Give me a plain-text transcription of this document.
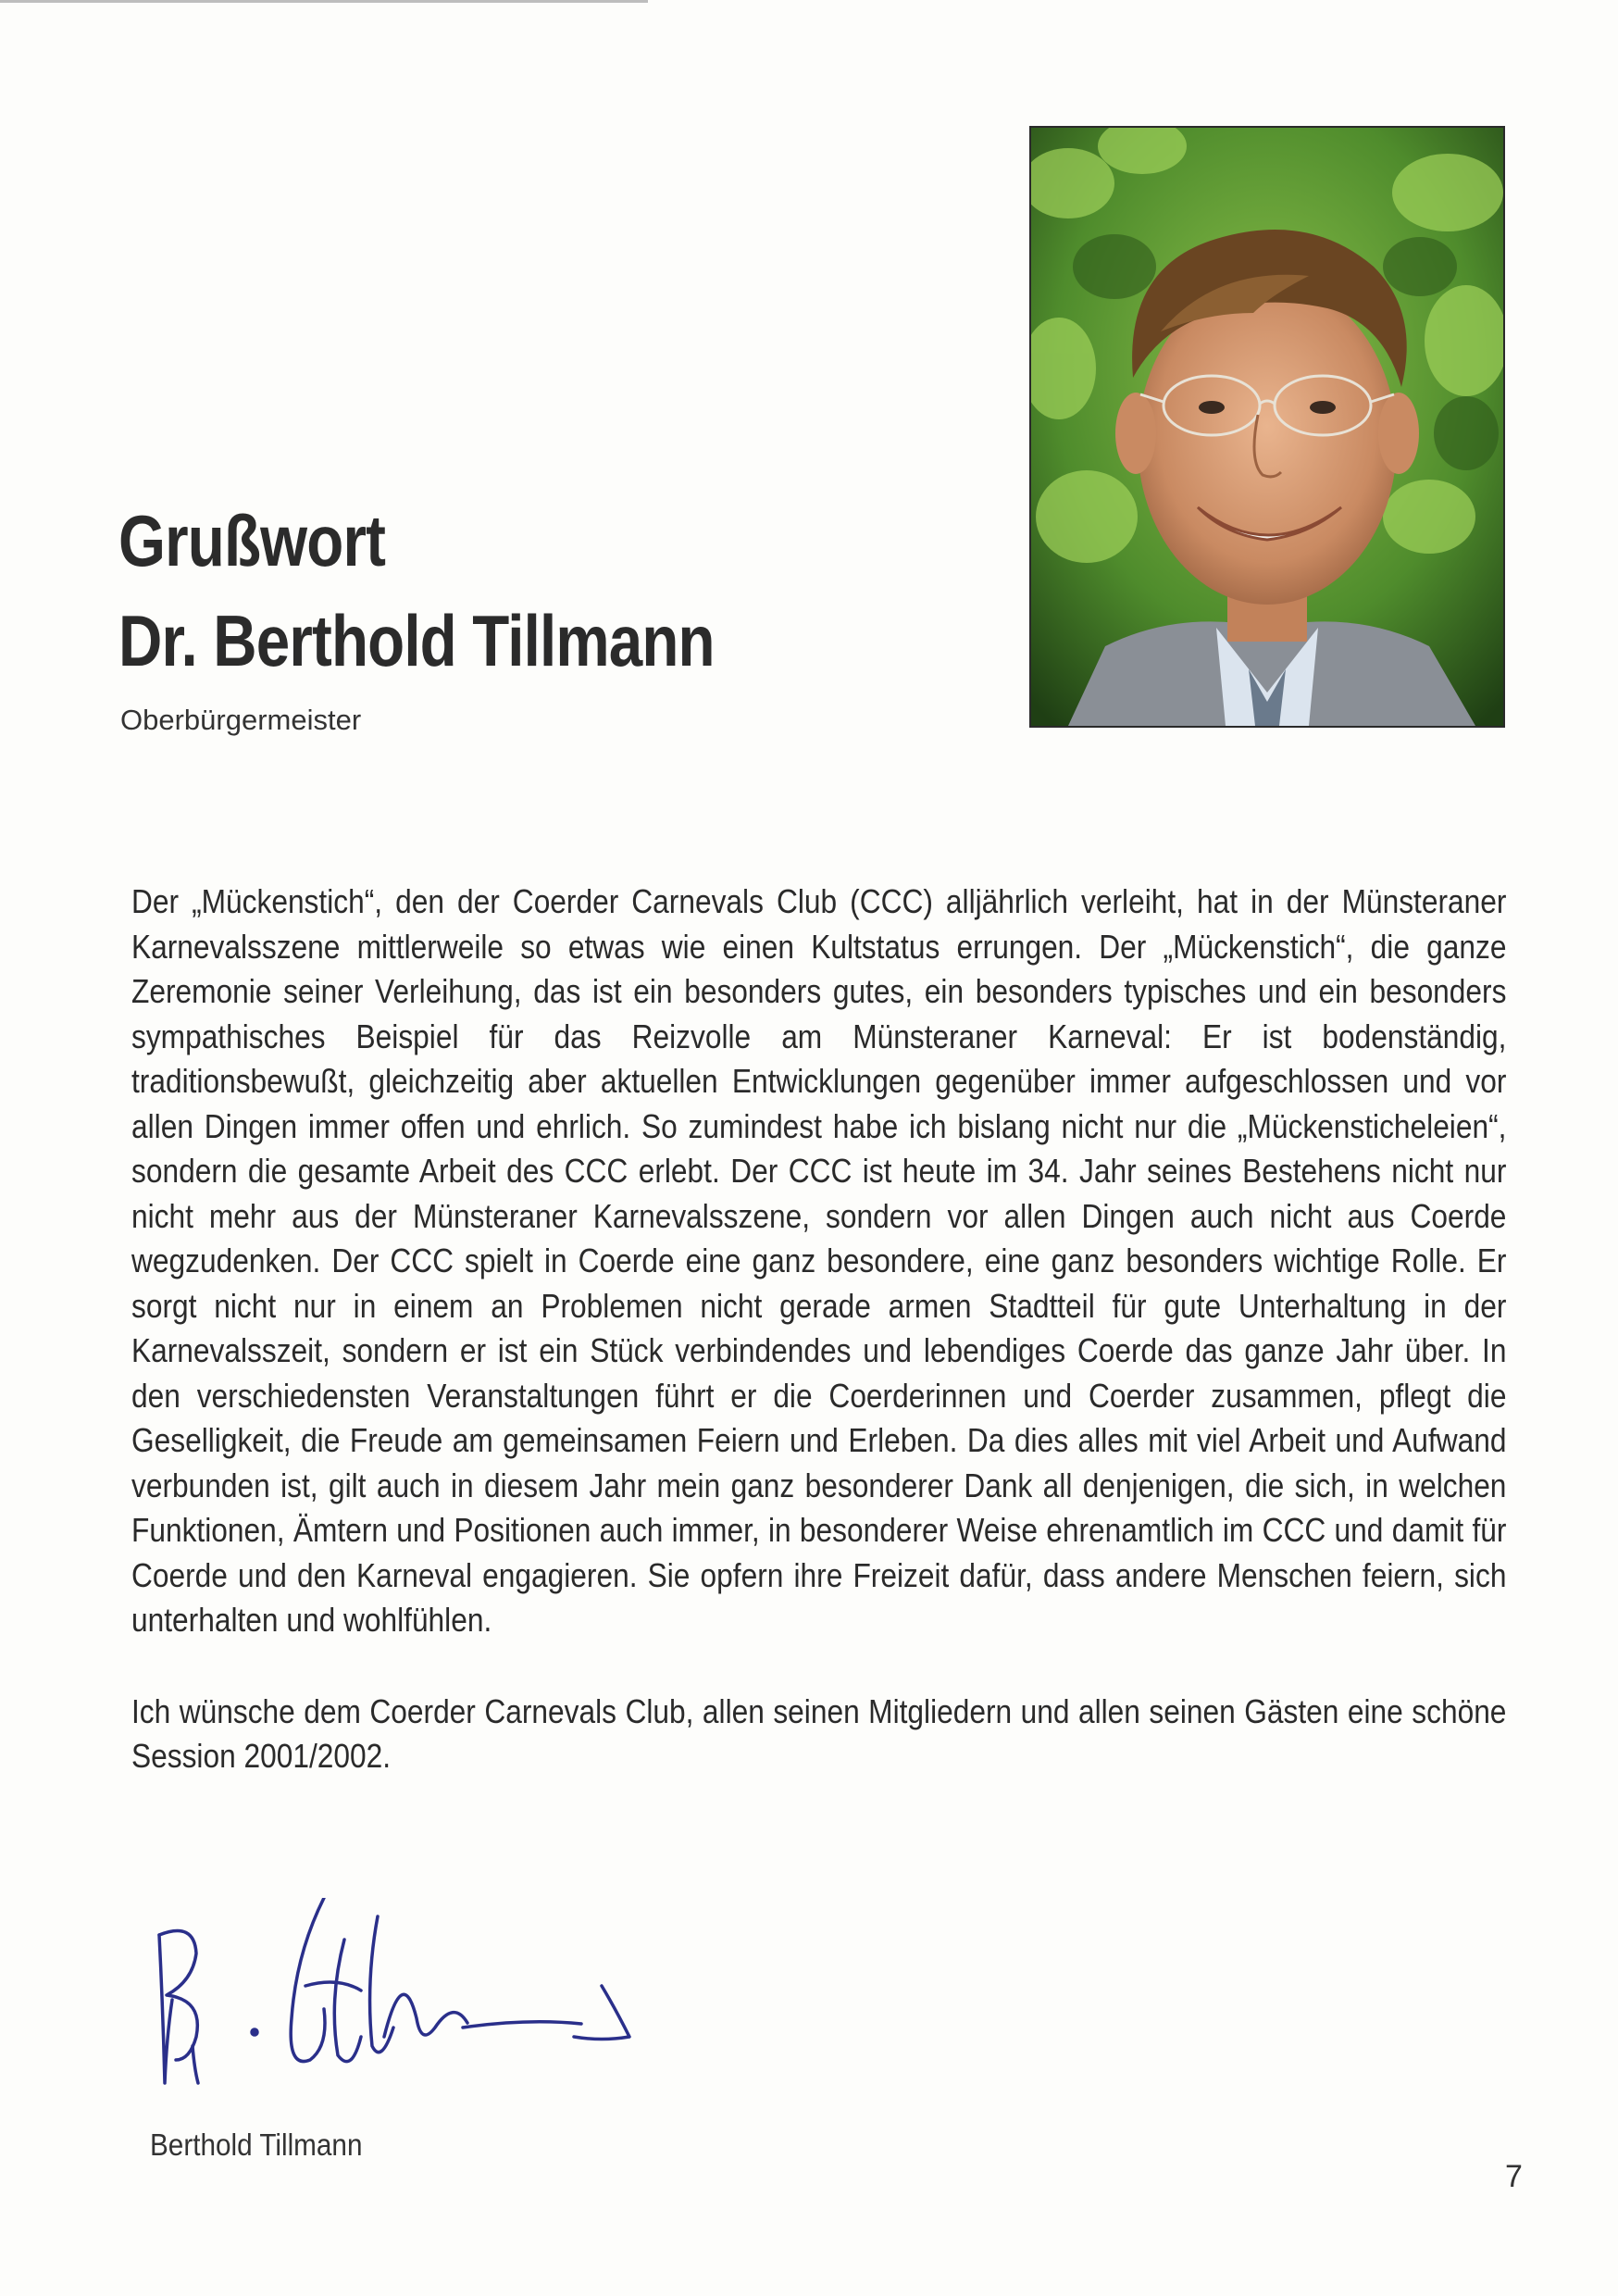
Grußwort
Dr. Berthold Tillmann
Oberbürgermeister

Der „Mückenstich“, den der Coerder Carnevals Club (CCC) alljährlich verleiht, hat in der Münsteraner Karnevalsszene mittlerweile so etwas wie einen Kultstatus errungen. Der „Mückenstich“, die ganze Zeremonie seiner Verleihung, das ist ein besonders gutes, ein besonders typisches und ein besonders sympathisches Beispiel für das Reizvolle am Münsteraner Karneval: Er ist bodenständig, traditionsbewußt, gleichzeitig aber aktuellen Entwicklungen gegenüber immer aufgeschlossen und vor allen Dingen immer offen und ehrlich. So zumindest habe ich bislang nicht nur die „Mückensticheleien“, sondern die gesamte Arbeit des CCC erlebt. Der CCC ist heute im 34. Jahr seines Bestehens nicht nur nicht mehr aus der Münsteraner Karnevalsszene, sondern vor allen Dingen auch nicht aus Coerde wegzudenken. Der CCC spielt in Coerde eine ganz besondere, eine ganz besonders wichtige Rolle. Er sorgt nicht nur in einem an Problemen nicht gerade armen Stadtteil für gute Unterhaltung in der Karnevalsszeit, sondern er ist ein Stück verbindendes und lebendiges Coerde das ganze Jahr über. In den verschiedensten Veranstaltungen führt er die Coerderinnen und Coerder zusammen, pflegt die Geselligkeit, die Freude am gemeinsamen Feiern und Erleben. Da dies alles mit viel Arbeit und Aufwand verbunden ist, gilt auch in diesem Jahr mein ganz besonderer Dank all denjenigen, die sich, in welchen Funktionen, Ämtern und Positionen auch immer, in besonderer Weise ehrenamtlich im CCC und damit für Coerde und den Karneval engagieren. Sie opfern ihre Freizeit dafür, dass andere Menschen feiern, sich unterhalten und wohlfühlen.

Ich wünsche dem Coerder Carnevals Club, allen seinen Mitgliedern und allen seinen Gästen eine schöne Session 2001/2002.

Berthold Tillmann
7
